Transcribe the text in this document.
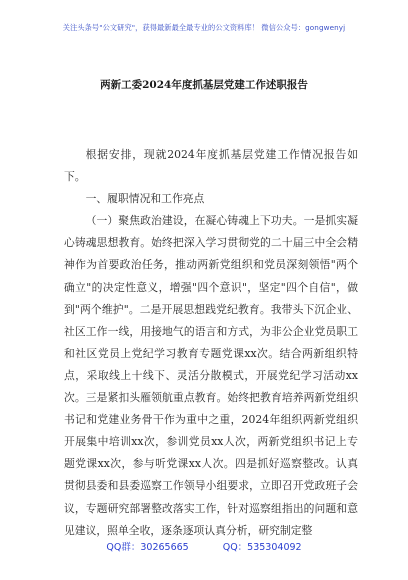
关注头条号"公文研究"，获得最新最全最专业的公文资料库！ 微信公众号：gongwenyj
两新工委2024年度抓基层党建工作述职报告

根据安排，现就2024年度抓基层党建工作情况报告如下。

一、履职情况和工作亮点

（一）聚焦政治建设，在凝心铸魂上下功夫。一是抓实凝心铸魂思想教育。始终把深入学习贯彻党的二十届三中全会精神作为首要政治任务，推动两新党组织和党员深刻领悟"两个确立"的决定性意义，增强"四个意识"，坚定"四个自信"，做到"两个维护"。二是开展思想践党纪教育。我带头下沉企业、社区工作一线，用接地气的语言和方式，为非公企业党员职工和社区党员上党纪学习教育专题党课xx次。结合两新组织特点，采取线上十线下、灵活分散模式，开展党纪学习活动xx次。三是紧扣头雁领航重点教育。始终把教育培养两新党组织书记和党建业务骨干作为重中之重，2024年组织两新党组织开展集中培训xx次，参训党员xx人次，两新党组织书记上专题党课xx次，参与听党课xx人次。四是抓好巡察整改。认真贯彻县委和县委巡察工作领导小组要求，立即召开党政班子会议，专题研究部署整改落实工作，针对巡察组指出的问题和意见建议，照单全收，逐条逐项认真分析，研究制定整

QQ群：30265665	QQ：535304092
